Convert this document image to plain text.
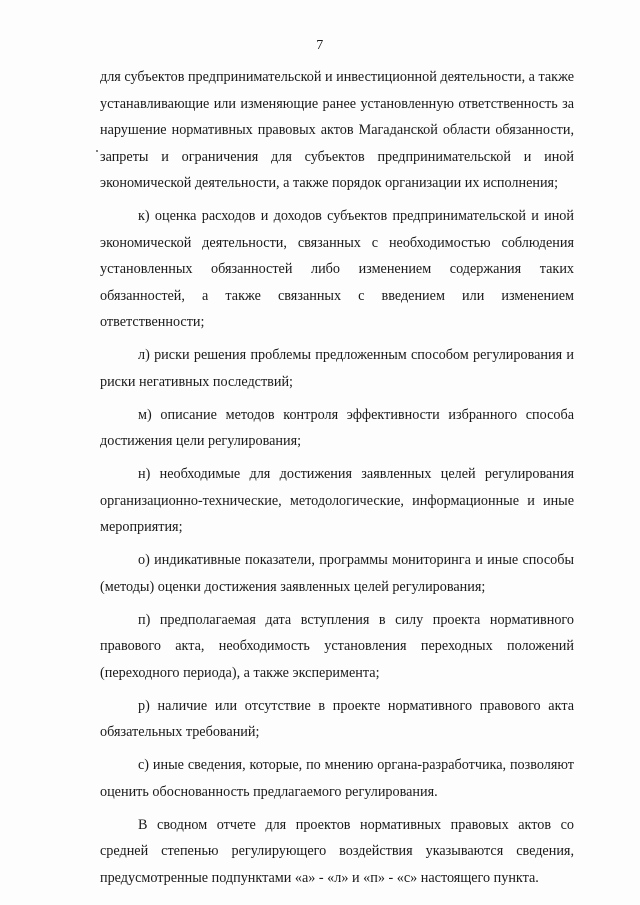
7

для субъектов предпринимательской и инвестиционной деятельности, а также устанавливающие или изменяющие ранее установленную ответственность за нарушение нормативных правовых актов Магаданской области обязанности, запреты и ограничения для субъектов предпринимательской и иной экономической деятельности, а также порядок организации их исполнения;

к) оценка расходов и доходов субъектов предпринимательской и иной экономической деятельности, связанных с необходимостью соблюдения установленных обязанностей либо изменением содержания таких обязанностей, а также связанных с введением или изменением ответственности;

л) риски решения проблемы предложенным способом регулирования и риски негативных последствий;

м) описание методов контроля эффективности избранного способа достижения цели регулирования;

н) необходимые для достижения заявленных целей регулирования организационно-технические, методологические, информационные и иные мероприятия;

о) индикативные показатели, программы мониторинга и иные способы (методы) оценки достижения заявленных целей регулирования;

п) предполагаемая дата вступления в силу проекта нормативного правового акта, необходимость установления переходных положений (переходного периода), а также эксперимента;

р) наличие или отсутствие в проекте нормативного правового акта обязательных требований;

с) иные сведения, которые, по мнению органа-разработчика, позволяют оценить обоснованность предлагаемого регулирования.

В сводном отчете для проектов нормативных правовых актов со средней степенью регулирующего воздействия указываются сведения, предусмотренные подпунктами «а» - «л» и «п» - «с» настоящего пункта.
